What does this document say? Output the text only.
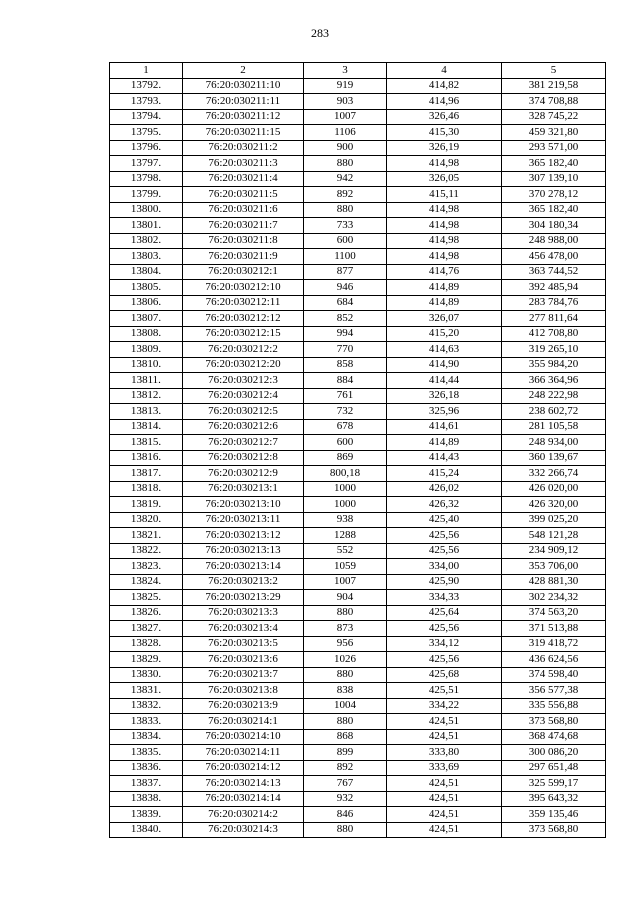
283
1	2	3	4	5
13792.	76:20:030211:10	919	414,82	381 219,58
13793.	76:20:030211:11	903	414,96	374 708,88
13794.	76:20:030211:12	1007	326,46	328 745,22
13795.	76:20:030211:15	1106	415,30	459 321,80
13796.	76:20:030211:2	900	326,19	293 571,00
13797.	76:20:030211:3	880	414,98	365 182,40
13798.	76:20:030211:4	942	326,05	307 139,10
13799.	76:20:030211:5	892	415,11	370 278,12
13800.	76:20:030211:6	880	414,98	365 182,40
13801.	76:20:030211:7	733	414,98	304 180,34
13802.	76:20:030211:8	600	414,98	248 988,00
13803.	76:20:030211:9	1100	414,98	456 478,00
13804.	76:20:030212:1	877	414,76	363 744,52
13805.	76:20:030212:10	946	414,89	392 485,94
13806.	76:20:030212:11	684	414,89	283 784,76
13807.	76:20:030212:12	852	326,07	277 811,64
13808.	76:20:030212:15	994	415,20	412 708,80
13809.	76:20:030212:2	770	414,63	319 265,10
13810.	76:20:030212:20	858	414,90	355 984,20
13811.	76:20:030212:3	884	414,44	366 364,96
13812.	76:20:030212:4	761	326,18	248 222,98
13813.	76:20:030212:5	732	325,96	238 602,72
13814.	76:20:030212:6	678	414,61	281 105,58
13815.	76:20:030212:7	600	414,89	248 934,00
13816.	76:20:030212:8	869	414,43	360 139,67
13817.	76:20:030212:9	800,18	415,24	332 266,74
13818.	76:20:030213:1	1000	426,02	426 020,00
13819.	76:20:030213:10	1000	426,32	426 320,00
13820.	76:20:030213:11	938	425,40	399 025,20
13821.	76:20:030213:12	1288	425,56	548 121,28
13822.	76:20:030213:13	552	425,56	234 909,12
13823.	76:20:030213:14	1059	334,00	353 706,00
13824.	76:20:030213:2	1007	425,90	428 881,30
13825.	76:20:030213:29	904	334,33	302 234,32
13826.	76:20:030213:3	880	425,64	374 563,20
13827.	76:20:030213:4	873	425,56	371 513,88
13828.	76:20:030213:5	956	334,12	319 418,72
13829.	76:20:030213:6	1026	425,56	436 624,56
13830.	76:20:030213:7	880	425,68	374 598,40
13831.	76:20:030213:8	838	425,51	356 577,38
13832.	76:20:030213:9	1004	334,22	335 556,88
13833.	76:20:030214:1	880	424,51	373 568,80
13834.	76:20:030214:10	868	424,51	368 474,68
13835.	76:20:030214:11	899	333,80	300 086,20
13836.	76:20:030214:12	892	333,69	297 651,48
13837.	76:20:030214:13	767	424,51	325 599,17
13838.	76:20:030214:14	932	424,51	395 643,32
13839.	76:20:030214:2	846	424,51	359 135,46
13840.	76:20:030214:3	880	424,51	373 568,80
